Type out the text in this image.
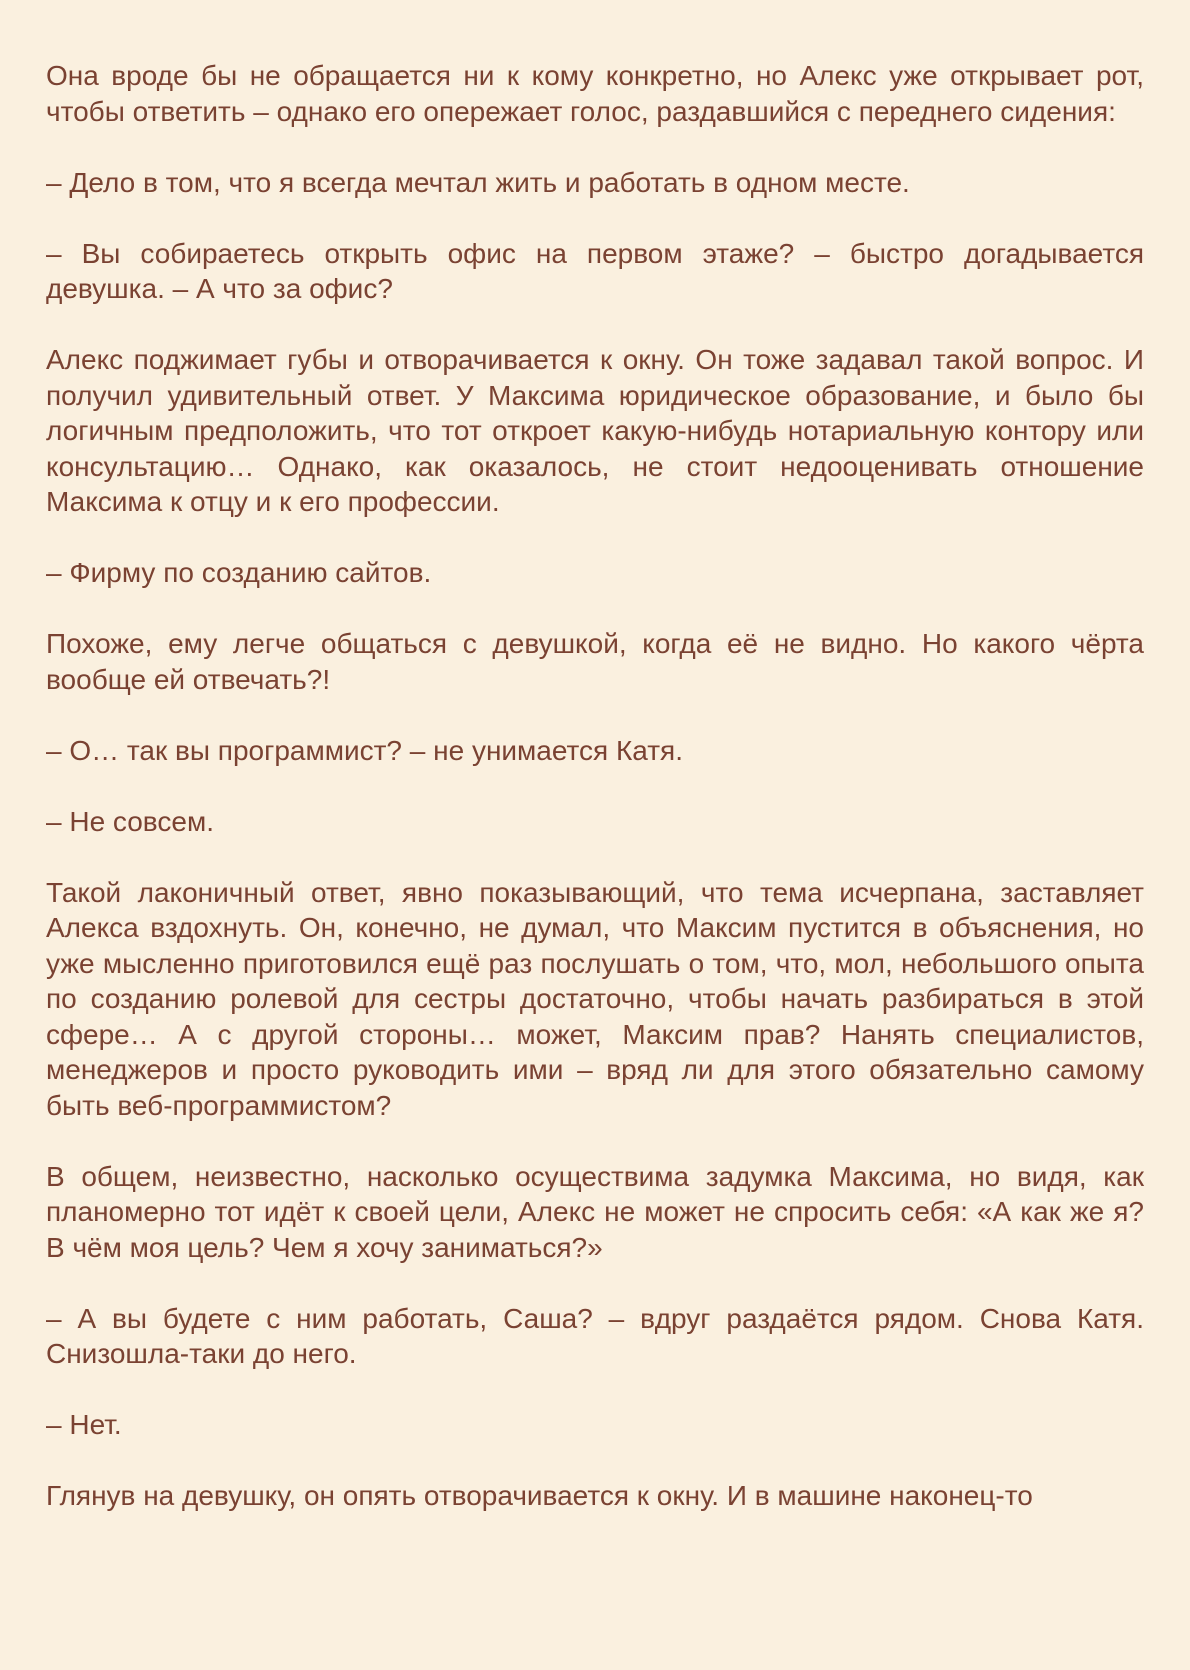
Она вроде бы не обращается ни к кому конкретно, но Алекс уже открывает рот, чтобы ответить – однако его опережает голос, раздавшийся с переднего сидения:

– Дело в том, что я всегда мечтал жить и работать в одном месте.

– Вы собираетесь открыть офис на первом этаже? – быстро догадывается девушка. – А что за офис?

Алекс поджимает губы и отворачивается к окну. Он тоже задавал такой вопрос. И получил удивительный ответ. У Максима юридическое образование, и было бы логичным предположить, что тот откроет какую-нибудь нотариальную контору или консультацию… Однако, как оказалось, не стоит недооценивать отношение Максима к отцу и к его профессии.

– Фирму по созданию сайтов.

Похоже, ему легче общаться с девушкой, когда её не видно. Но какого чёрта вообще ей отвечать?!

– О… так вы программист? – не унимается Катя.

– Не совсем.

Такой лаконичный ответ, явно показывающий, что тема исчерпана, заставляет Алекса вздохнуть. Он, конечно, не думал, что Максим пустится в объяснения, но уже мысленно приготовился ещё раз послушать о том, что, мол, небольшого опыта по созданию ролевой для сестры достаточно, чтобы начать разбираться в этой сфере… А с другой стороны… может, Максим прав? Нанять специалистов, менеджеров и просто руководить ими – вряд ли для этого обязательно самому быть веб-программистом?

В общем, неизвестно, насколько осуществима задумка Максима, но видя, как планомерно тот идёт к своей цели, Алекс не может не спросить себя: «А как же я? В чём моя цель? Чем я хочу заниматься?»

– А вы будете с ним работать, Саша? – вдруг раздаётся рядом. Снова Катя. Снизошла-таки до него.

– Нет.

Глянув на девушку, он опять отворачивается к окну. И в машине наконец-то
